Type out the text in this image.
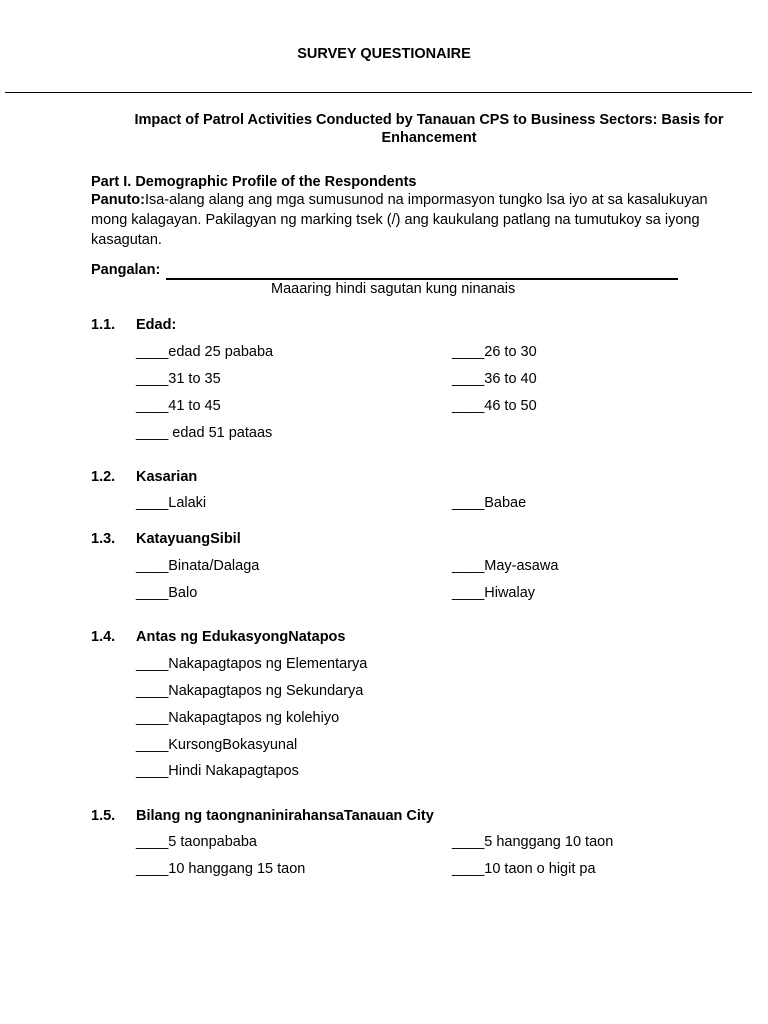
SURVEY QUESTIONAIRE
Impact of Patrol Activities Conducted by Tanauan CPS to Business Sectors: Basis for
Enhancement
Part I. Demographic Profile of the Respondents
Panuto:Isa-alang alang ang mga sumusunod na impormasyon tungko lsa iyo at sa kasalukuyan mong kalagayan. Pakilagyan ng marking tsek (/) ang kaukulang patlang na tumutukoy sa iyong kasagutan.
Pangalan:
Maaaring hindi sagutan kung ninanais
1.1. Edad:
____edad 25 pababa	____26 to 30
____31 to 35	____36 to 40
____41 to 45	____46 to 50
____ edad 51 pataas
1.2. Kasarian
____Lalaki	____Babae
1.3. KatayuangSibil
____Binata/Dalaga	____May-asawa
____Balo	____Hiwalay
1.4. Antas ng EdukasyongNatapos
____Nakapagtapos ng Elementarya
____Nakapagtapos ng Sekundarya
____Nakapagtapos ng kolehiyo
____KursongBokasyunal
____Hindi Nakapagtapos
1.5. Bilang ng taongnaninirahansaTanauan City
____5 taonpababa	____5 hanggang 10 taon
____10 hanggang 15 taon	____10 taon o higit pa
